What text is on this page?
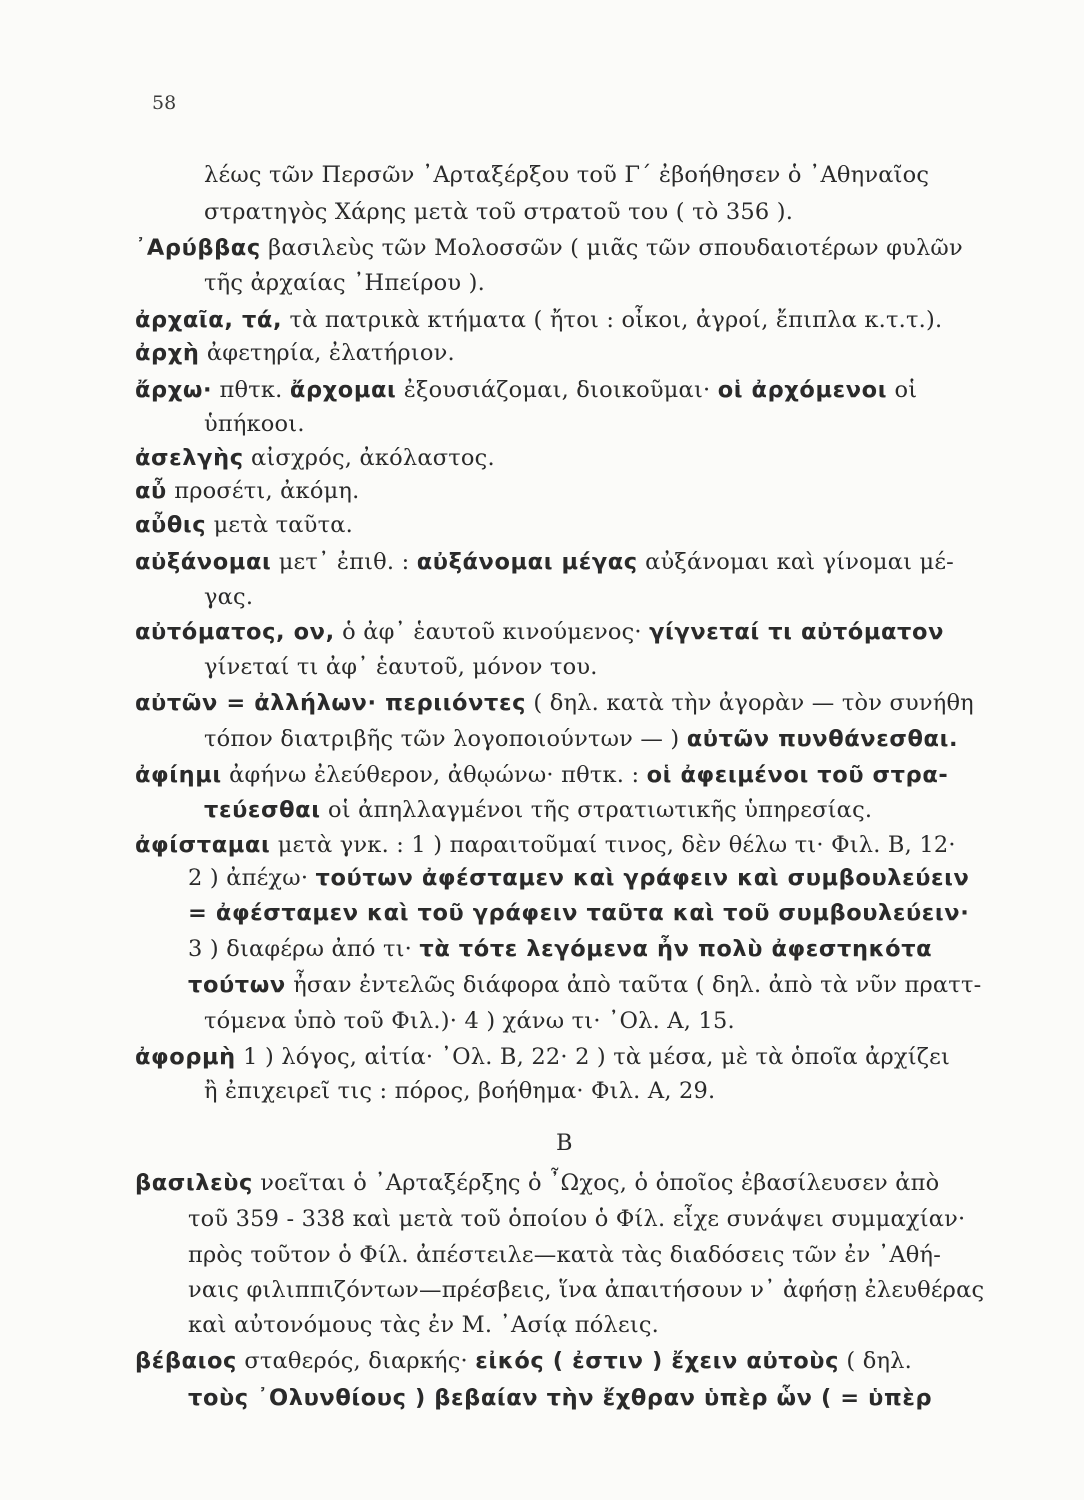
58
λέως τῶν Περσῶν ᾿Αρταξέρξου τοῦ Γ΄ ἐβοήθησεν ὁ ᾿Αθηναῖος
στρατηγὸς Χάρης μετὰ τοῦ στρατοῦ του ( τὸ 356 ).
᾿Αρύββας βασιλεὺς τῶν Μολοσσῶν ( μιᾶς τῶν σπουδαιοτέρων φυλῶν
τῆς ἀρχαίας ᾿Ηπείρου ).
ἀρχαῖα, τά, τὰ πατρικὰ κτήματα ( ἤτοι : οἶκοι, ἀγροί, ἔπιπλα κ.τ.τ.).
ἀρχὴ ἀφετηρία, ἐλατήριον.
ἄρχω· πθτκ. ἄρχομαι ἐξουσιάζομαι, διοικοῦμαι· οἱ ἀρχόμενοι οἱ
ὑπήκοοι.
ἀσελγὴς αἰσχρός, ἀκόλαστος.
αὖ προσέτι, ἀκόμη.
αὖθις μετὰ ταῦτα.
αὐξάνομαι μετ᾿ ἐπιθ. : αὐξάνομαι μέγας αὐξάνομαι καὶ γίνομαι μέ-
γας.
αὐτόματος, ον, ὁ ἀφ᾿ ἑαυτοῦ κινούμενος· γίγνεταί τι αὐτόματον
γίνεταί τι ἀφ᾿ ἑαυτοῦ, μόνον του.
αὐτῶν = ἀλλήλων· περιιόντες ( δηλ. κατὰ τὴν ἀγορὰν — τὸν συνήθη
τόπον διατριβῆς τῶν λογοποιούντων — ) αὐτῶν πυνθάνεσθαι.
ἀφίημι ἀφήνω ἐλεύθερον, ἀθῳώνω· πθτκ. : οἱ ἀφειμένοι τοῦ στρα-
τεύεσθαι οἱ ἀπηλλαγμένοι τῆς στρατιωτικῆς ὑπηρεσίας.
ἀφίσταμαι μετὰ γνκ. : 1 ) παραιτοῦμαί τινος, δὲν θέλω τι· Φιλ. Β, 12·
2 ) ἀπέχω· τούτων ἀφέσταμεν καὶ γράφειν καὶ συμβουλεύειν
= ἀφέσταμεν καὶ τοῦ γράφειν ταῦτα καὶ τοῦ συμβουλεύειν·
3 ) διαφέρω ἀπό τι· τὰ τότε λεγόμενα ἦν πολὺ ἀφεστηκότα
τούτων ἦσαν ἐντελῶς διάφορα ἀπὸ ταῦτα ( δηλ. ἀπὸ τὰ νῦν πραττ-
τόμενα ὑπὸ τοῦ Φιλ.)· 4 ) χάνω τι· ᾿Ολ. Α, 15.
ἀφορμὴ 1 ) λόγος, αἰτία· ᾿Ολ. Β, 22· 2 ) τὰ μέσα, μὲ τὰ ὁποῖα ἀρχίζει
ἢ ἐπιχειρεῖ τις : πόρος, βοήθημα· Φιλ. Α, 29.
Β
βασιλεὺς νοεῖται ὁ ᾿Αρταξέρξης ὁ ῏Ωχος, ὁ ὁποῖος ἐβασίλευσεν ἀπὸ
τοῦ 359 - 338 καὶ μετὰ τοῦ ὁποίου ὁ Φίλ. εἶχε συνάψει συμμαχίαν·
πρὸς τοῦτον ὁ Φίλ. ἀπέστειλε—κατὰ τὰς διαδόσεις τῶν ἐν ᾿Αθή-
ναις φιλιππιζόντων—πρέσβεις, ἵνα ἀπαιτήσουν ν᾿ ἀφήσῃ ἐλευθέρας
καὶ αὐτονόμους τὰς ἐν Μ. ᾿Ασίᾳ πόλεις.
βέβαιος σταθερός, διαρκής· εἰκός ( ἐστιν ) ἔχειν αὐτοὺς ( δηλ.
τοὺς ᾿Ολυνθίους ) βεβαίαν τὴν ἔχθραν ὑπὲρ ὧν ( = ὑπὲρ
